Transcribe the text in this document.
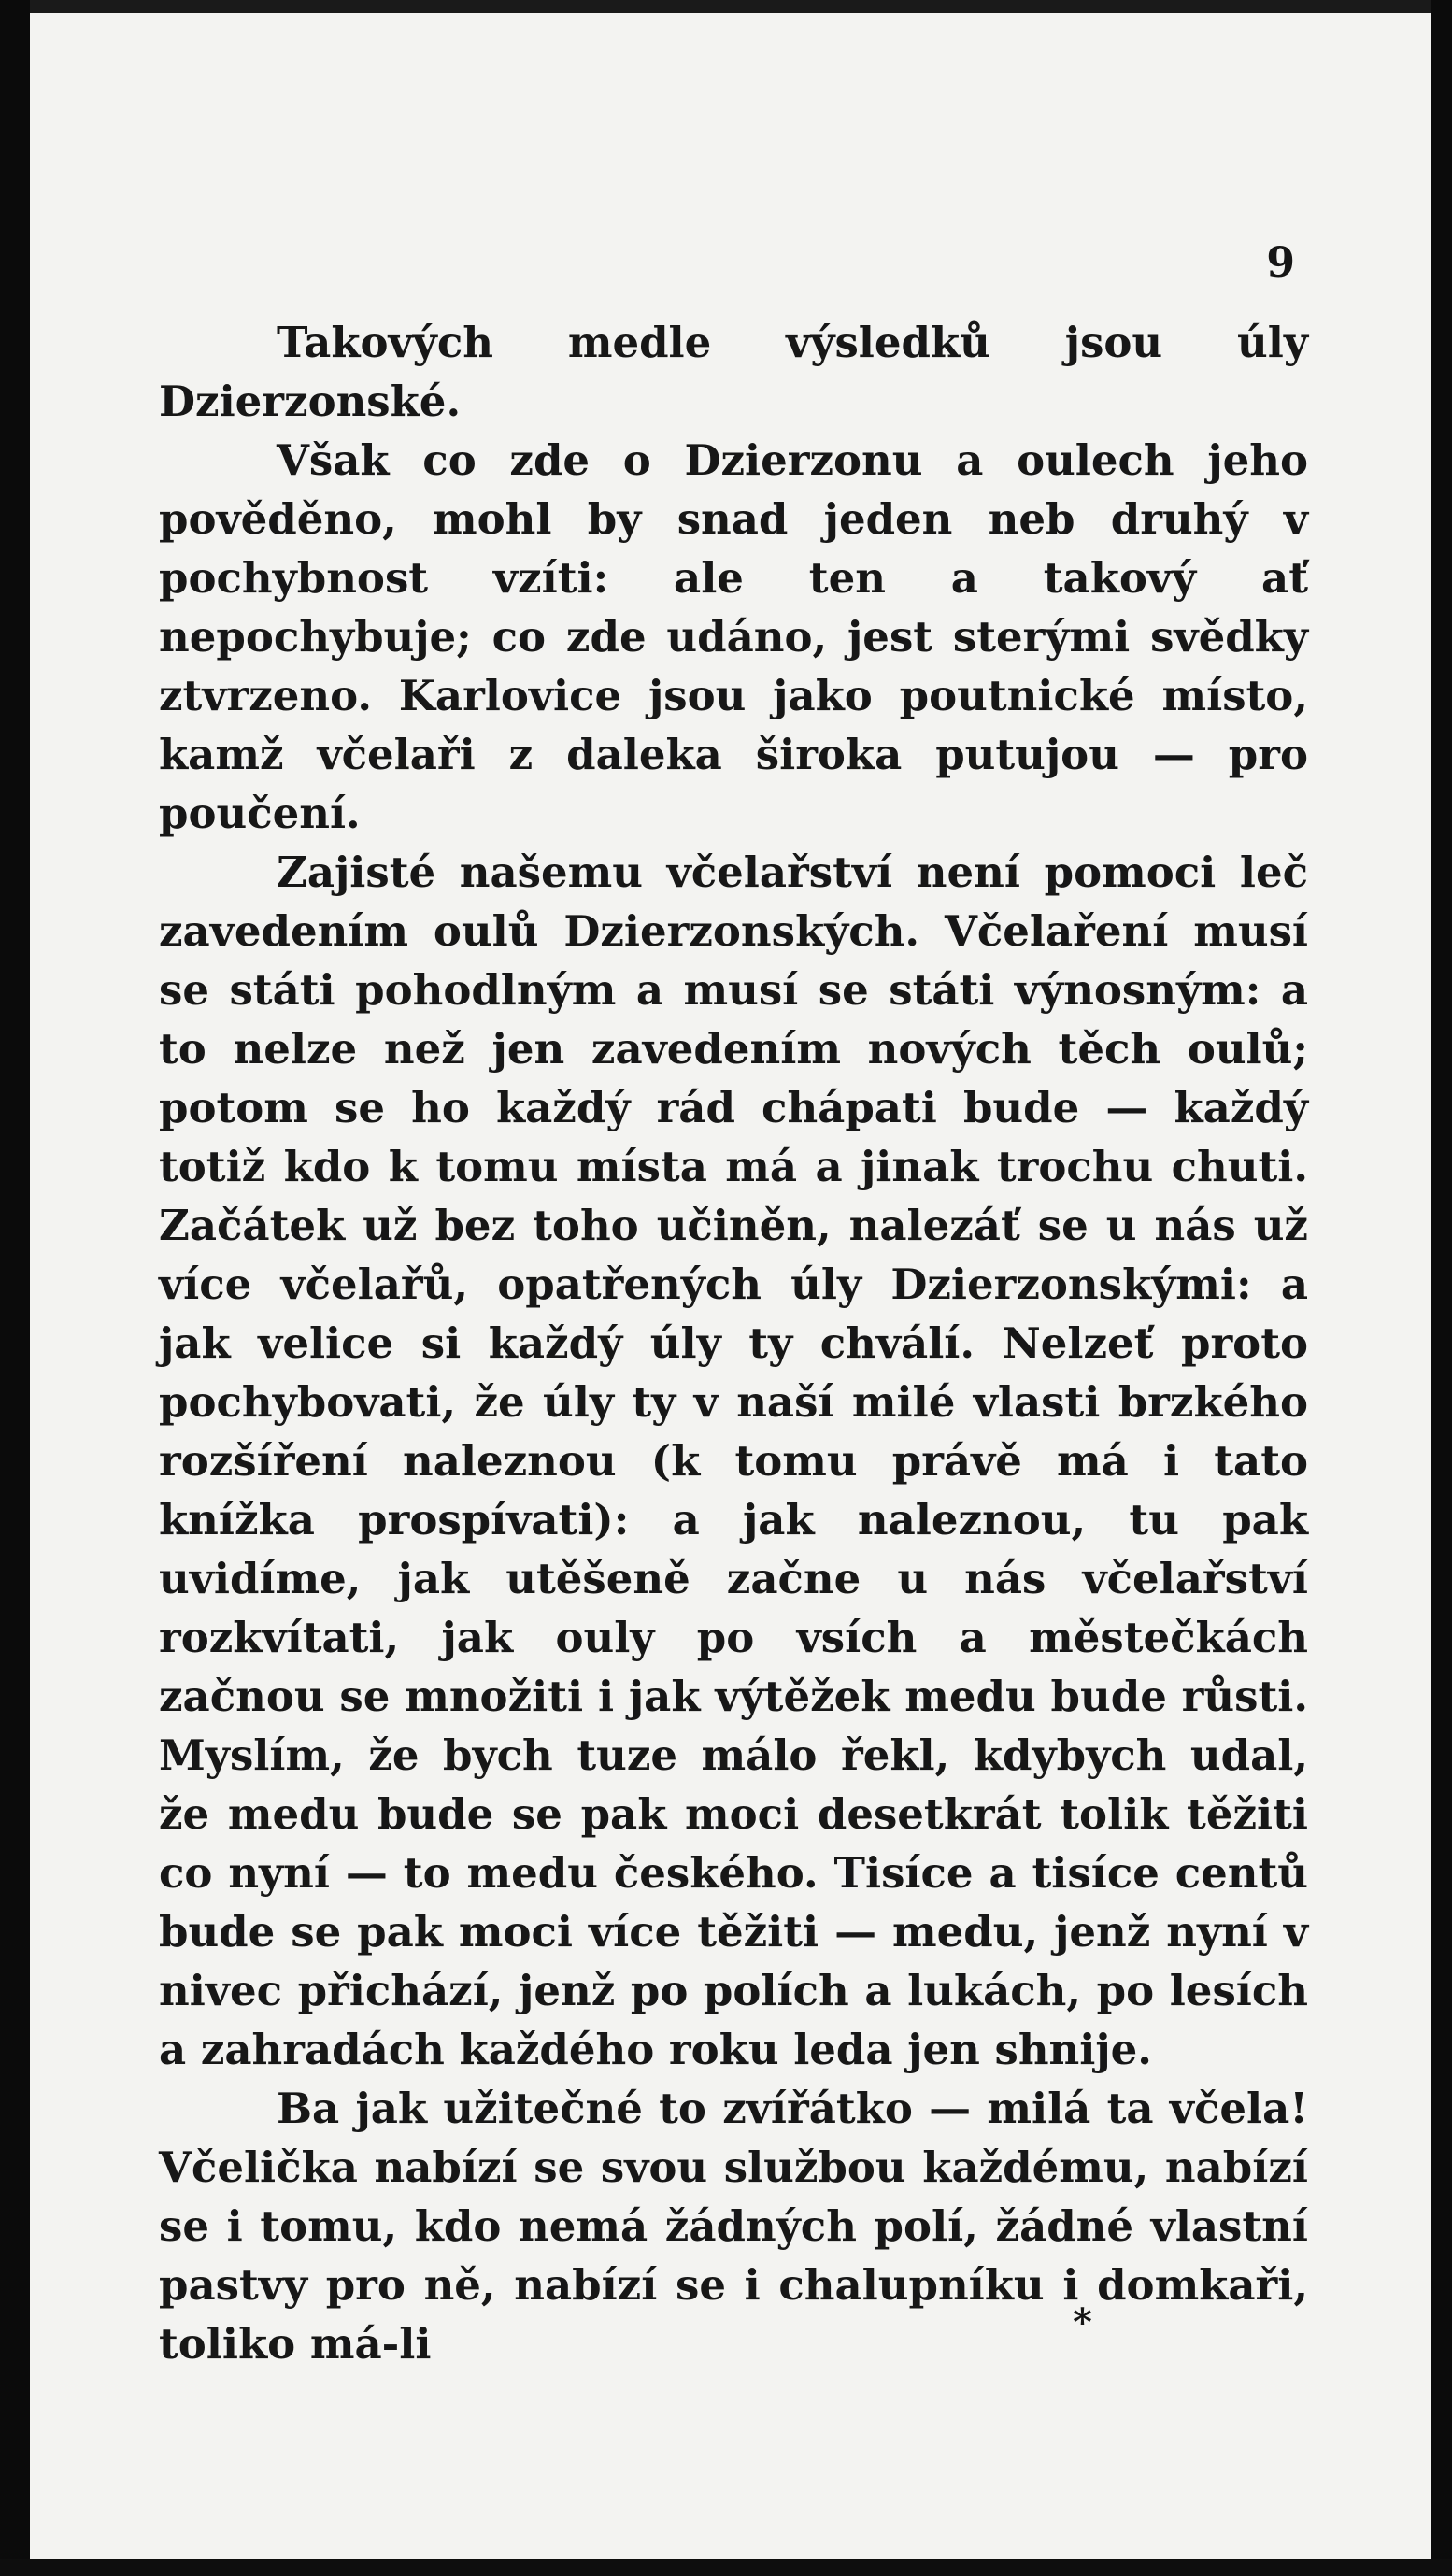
9

Takových medle výsledků jsou úly Dzierzonské.

Však co zde o Dzierzonu a oulech jeho pověděno, mohl by snad jeden neb druhý v pochybnost vzíti: ale ten a takový ať nepochybuje; co zde udáno, jest sterými svědky ztvrzeno. Karlovice jsou jako poutnické místo, kamž včelaři z daleka široka putujou — pro poučení.

Zajisté našemu včelařství není pomoci leč zavedením oulů Dzierzonských. Včelaření musí se státi pohodlným a musí se státi výnosným: a to nelze než jen zavedením nových těch oulů; potom se ho každý rád chápati bude — každý totiž kdo k tomu místa má a jinak trochu chuti. Začátek už bez toho učiněn, nalezáť se u nás už více včelařů, opatřených úly Dzierzonskými: a jak velice si každý úly ty chválí. Nelzeť proto pochybovati, že úly ty v naší milé vlasti brzkého rozšíření naleznou (k tomu právě má i tato knížka prospívati): a jak naleznou, tu pak uvidíme, jak utěšeně začne u nás včelařství rozkvítati, jak ouly po vsích a městečkách začnou se množiti i jak výtěžek medu bude růsti. Myslím, že bych tuze málo řekl, kdybych udal, že medu bude se pak moci desetkrát tolik těžiti co nyní — to medu českého. Tisíce a tisíce centů bude se pak moci více těžiti — medu, jenž nyní v nivec přichází, jenž po polích a lukách, po lesích a zahradách každého roku leda jen shnije.

Ba jak užitečné to zvířátko — milá ta včela! Včelička nabízí se svou službou každému, nabízí se i tomu, kdo nemá žádných polí, žádné vlastní pastvy pro ně, nabízí se i chalupníku i domkaři, toliko má-li	*
